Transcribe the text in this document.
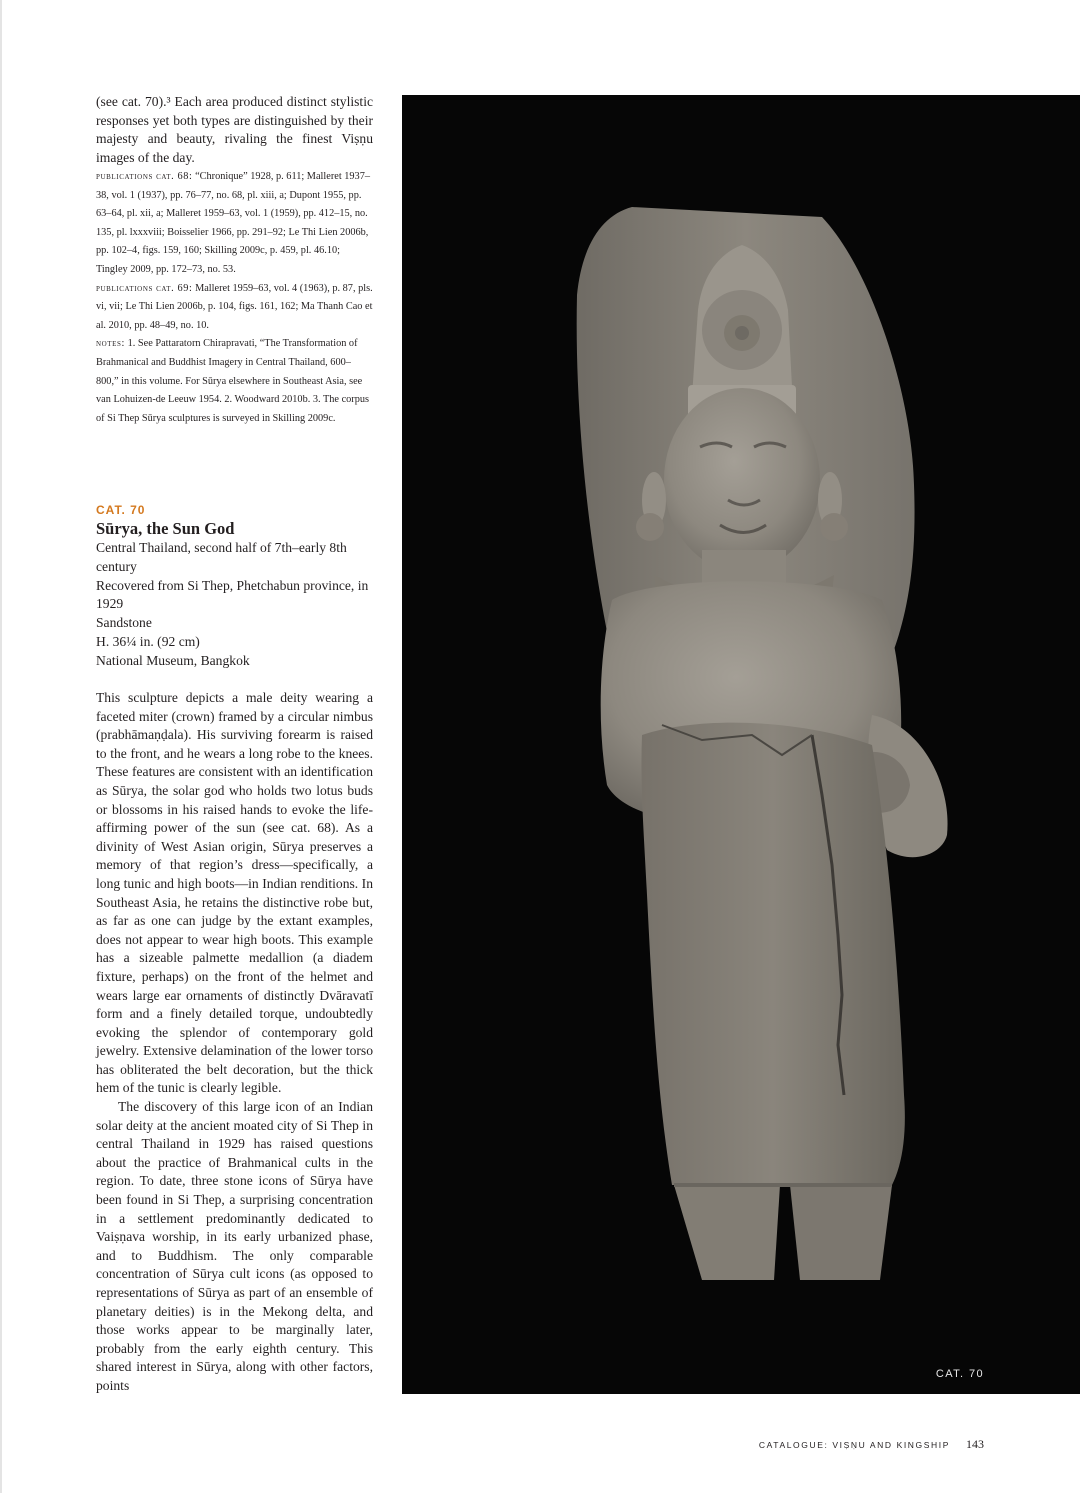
(see cat. 70).³ Each area produced distinct stylistic responses yet both types are distinguished by their majesty and beauty, rivaling the finest Viṣṇu images of the day.

publications cat. 68: “Chronique” 1928, p. 611; Malleret 1937–38, vol. 1 (1937), pp. 76–77, no. 68, pl. xiii, a; Dupont 1955, pp. 63–64, pl. xii, a; Malleret 1959–63, vol. 1 (1959), pp. 412–15, no. 135, pl. lxxxviii; Boisselier 1966, pp. 291–92; Le Thi Lien 2006b, pp. 102–4, figs. 159, 160; Skilling 2009c, p. 459, pl. 46.10; Tingley 2009, pp. 172–73, no. 53.

publications cat. 69: Malleret 1959–63, vol. 4 (1963), p. 87, pls. vi, vii; Le Thi Lien 2006b, p. 104, figs. 161, 162; Ma Thanh Cao et al. 2010, pp. 48–49, no. 10.

notes: 1. See Pattaratorn Chirapravati, “The Transformation of Brahmanical and Buddhist Imagery in Central Thailand, 600–800,” in this volume. For Sūrya elsewhere in Southeast Asia, see van Lohuizen-de Leeuw 1954. 2. Woodward 2010b. 3. The corpus of Si Thep Sūrya sculptures is surveyed in Skilling 2009c.

CAT. 70
Sūrya, the Sun God
Central Thailand, second half of 7th–early 8th century
Recovered from Si Thep, Phetchabun province, in 1929
Sandstone
H. 36¼ in. (92 cm)
National Museum, Bangkok

This sculpture depicts a male deity wearing a faceted miter (crown) framed by a circular nimbus (prabhāmaṇḍala). His surviving forearm is raised to the front, and he wears a long robe to the knees. These features are consistent with an identification as Sūrya, the solar god who holds two lotus buds or blossoms in his raised hands to evoke the life-affirming power of the sun (see cat. 68). As a divinity of West Asian origin, Sūrya preserves a memory of that region’s dress—specifically, a long tunic and high boots—in Indian renditions. In Southeast Asia, he retains the distinctive robe but, as far as one can judge by the extant examples, does not appear to wear high boots. This example has a sizeable palmette medallion (a diadem fixture, perhaps) on the front of the helmet and wears large ear ornaments of distinctly Dvāravatī form and a finely detailed torque, undoubtedly evoking the splendor of contemporary gold jewelry. Extensive delamination of the lower torso has obliterated the belt decoration, but the thick hem of the tunic is clearly legible.

The discovery of this large icon of an Indian solar deity at the ancient moated city of Si Thep in central Thailand in 1929 has raised questions about the practice of Brahmanical cults in the region. To date, three stone icons of Sūrya have been found in Si Thep, a surprising concentration in a settlement predominantly dedicated to Vaiṣṇava worship, in its early urbanized phase, and to Buddhism. The only comparable concentration of Sūrya cult icons (as opposed to representations of Sūrya as part of an ensemble of planetary deities) is in the Mekong delta, and those works appear to be marginally later, probably from the early eighth century. This shared interest in Sūrya, along with other factors, points

CAT. 70
CATALOGUE: VIṢṆU AND KINGSHIP 143
